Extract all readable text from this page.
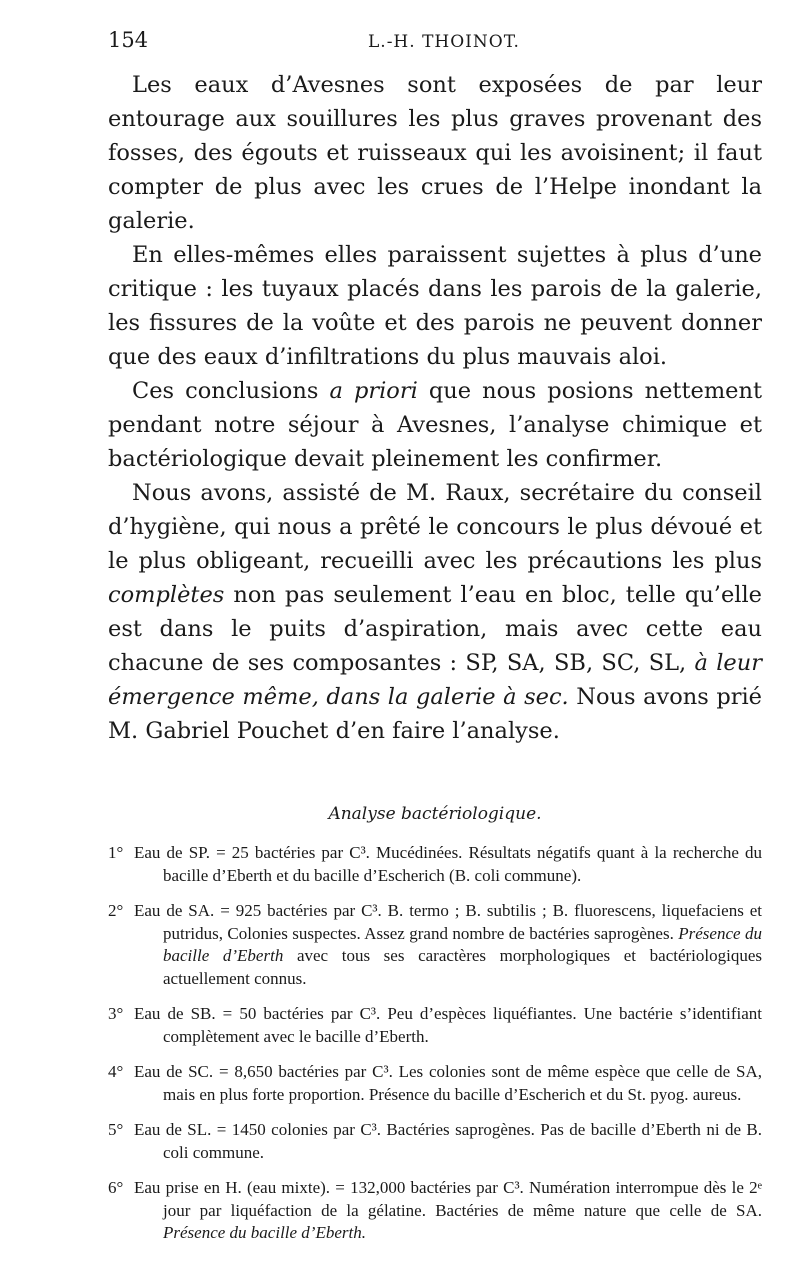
154	L.-H. THOINOT.

Les eaux d’Avesnes sont exposées de par leur entourage aux souillures les plus graves provenant des fosses, des égouts et ruisseaux qui les avoisinent; il faut compter de plus avec les crues de l’Helpe inondant la galerie.

En elles-mêmes elles paraissent sujettes à plus d’une critique : les tuyaux placés dans les parois de la galerie, les fissures de la voûte et des parois ne peuvent donner que des eaux d’infiltrations du plus mauvais aloi.

Ces conclusions a priori que nous posions nettement pendant notre séjour à Avesnes, l’analyse chimique et bactériologique devait pleinement les confirmer.

Nous avons, assisté de M. Raux, secrétaire du conseil d’hygiène, qui nous a prêté le concours le plus dévoué et le plus obligeant, recueilli avec les précautions les plus complètes non pas seulement l’eau en bloc, telle qu’elle est dans le puits d’aspiration, mais avec cette eau chacune de ses composantes : SP, SA, SB, SC, SL, à leur émergence même, dans la galerie à sec. Nous avons prié M. Gabriel Pouchet d’en faire l’analyse.

Analyse bactériologique.

1° Eau de SP. = 25 bactéries par C³. Mucédinées. Résultats négatifs quant à la recherche du bacille d’Eberth et du bacille d’Escherich (B. coli commune).

2° Eau de SA. = 925 bactéries par C³. B. termo ; B. subtilis ; B. fluorescens, liquefaciens et putridus, Colonies suspectes. Assez grand nombre de bactéries saprogènes. Présence du bacille d’Eberth avec tous ses caractères morphologiques et bactériologiques actuellement connus.

3° Eau de SB. = 50 bactéries par C³. Peu d’espèces liquéfiantes. Une bactérie s’identifiant complètement avec le bacille d’Eberth.

4° Eau de SC. = 8,650 bactéries par C³. Les colonies sont de même espèce que celle de SA, mais en plus forte proportion. Présence du bacille d’Escherich et du St. pyog. aureus.

5° Eau de SL. = 1450 colonies par C³. Bactéries saprogènes. Pas de bacille d’Eberth ni de B. coli commune.

6° Eau prise en H. (eau mixte). = 132,000 bactéries par C³. Numération interrompue dès le 2ᵉ jour par liquéfaction de la gélatine. Bactéries de même nature que celle de SA. Présence du bacille d’Eberth.
